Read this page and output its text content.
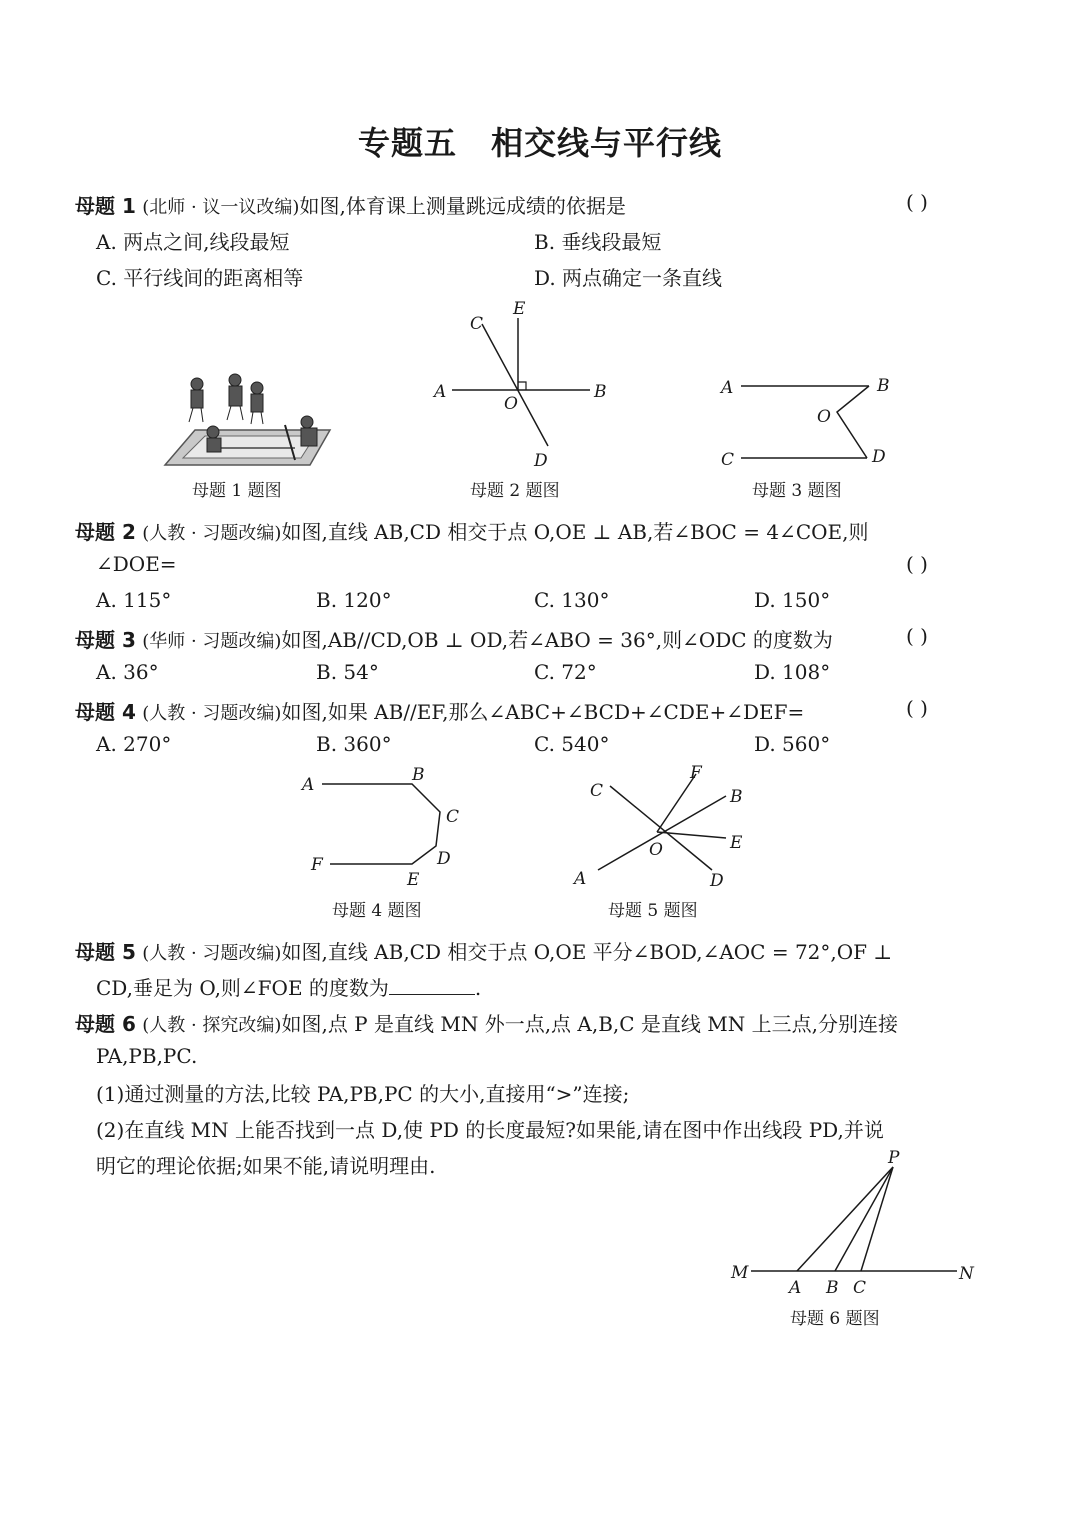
专题五 相交线与平行线
母题 1 (北师 · 议一议改编)如图,体育课上测量跳远成绩的依据是	( )
A. 两点之间,线段最短	B. 垂线段最短
C. 平行线间的距离相等	D. 两点确定一条直线
母题 1 题图
A	B
C
D
E
O
母题 2 题图
A	B
C	D
O
母题 3 题图
母题 2 (人教 · 习题改编)如图,直线 AB,CD 相交于点 O,OE ⊥ AB,若∠BOC = 4∠COE,则
∠DOE=	( )
A. 115°	B. 120°	C. 130°	D. 150°
母题 3 (华师 · 习题改编)如图,AB//CD,OB ⊥ OD,若∠ABO = 36°,则∠ODC 的度数为	( )
A. 36°	B. 54°	C. 72°	D. 108°
母题 4 (人教 · 习题改编)如图,如果 AB//EF,那么∠ABC+∠BCD+∠CDE+∠DEF=	( )
A. 270°	B. 360°	C. 540°	D. 560°
A	B
C
D
E
F
母题 4 题图
A
B
C
D
E
F
O
母题 5 题图
母题 5 (人教 · 习题改编)如图,直线 AB,CD 相交于点 O,OE 平分∠BOD,∠AOC = 72°,OF ⊥
CD,垂足为 O,则∠FOE 的度数为	.
母题 6 (人教 · 探究改编)如图,点 P 是直线 MN 外一点,点 A,B,C 是直线 MN 上三点,分别连接
PA,PB,PC.
(1)通过测量的方法,比较 PA,PB,PC 的大小,直接用“>”连接;
(2)在直线 MN 上能否找到一点 D,使 PD 的长度最短?如果能,请在图中作出线段 PD,并说
明它的理论依据;如果不能,请说明理由.	P
M	N
A B C
母题 6 题图
